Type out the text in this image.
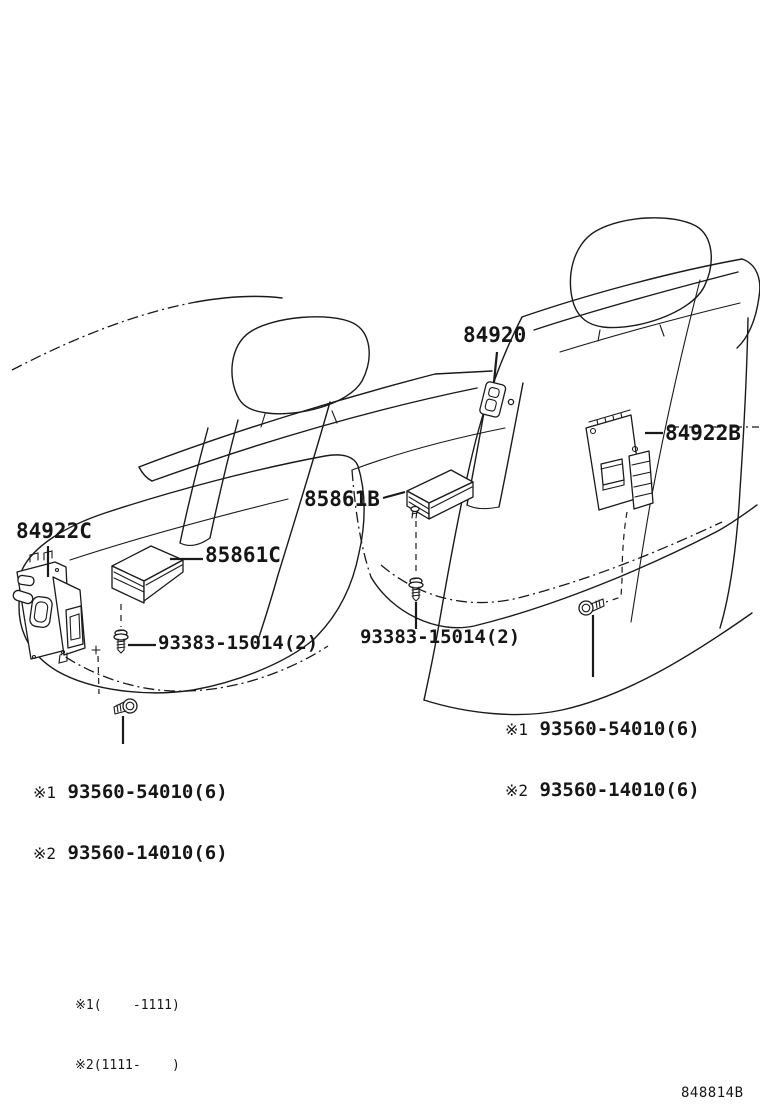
84920
84922B
84922C
85861B
85861C
93383-15014(2) 93383-15014(2)

※1 93560-54010(6)

※2 93560-14010(6)

※1 93560-54010(6)

※2 93560-14010(6)

※1(    -1111)

※2(1111-    )

848814B
